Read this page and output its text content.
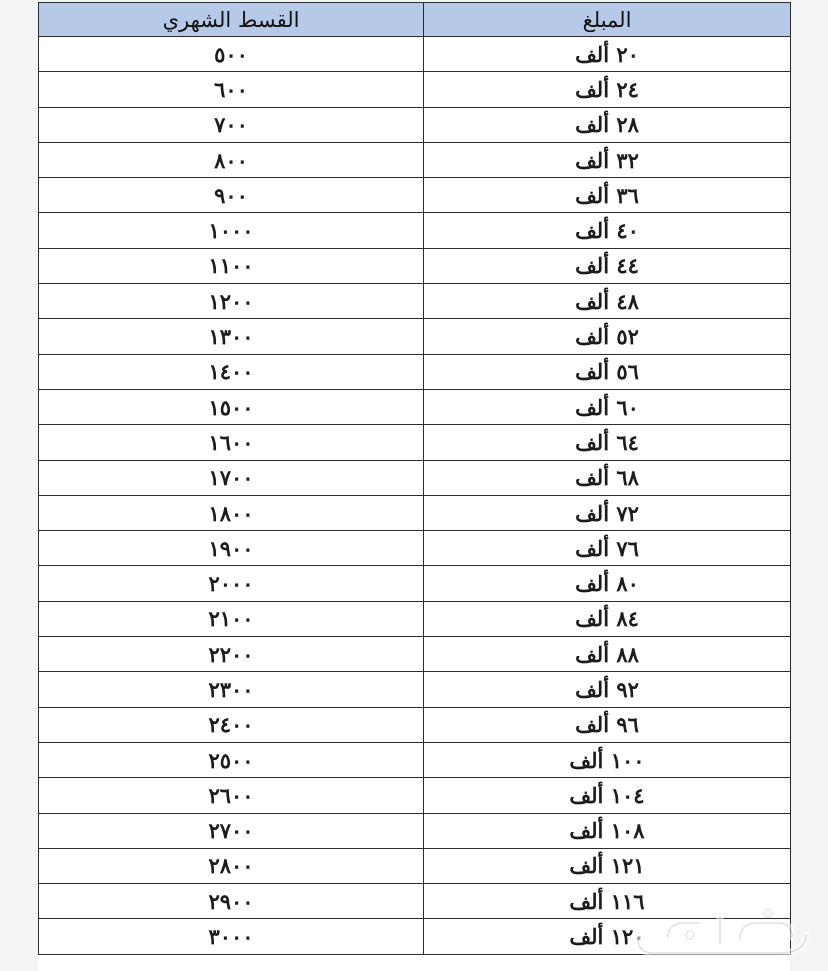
القسط الشهري	المبلغ
٥٠٠	٢٠ ألف
٦٠٠	٢٤ ألف
٧٠٠	٢٨ ألف
٨٠٠	٣٢ ألف
٩٠٠	٣٦ ألف
١٠٠٠	٤٠ ألف
١١٠٠	٤٤ ألف
١٢٠٠	٤٨ ألف
١٣٠٠	٥٢ ألف
١٤٠٠	٥٦ ألف
١٥٠٠	٦٠ ألف
١٦٠٠	٦٤ ألف
١٧٠٠	٦٨ ألف
١٨٠٠	٧٢ ألف
١٩٠٠	٧٦ ألف
٢٠٠٠	٨٠ ألف
٢١٠٠	٨٤ ألف
٢٢٠٠	٨٨ ألف
٢٣٠٠	٩٢ ألف
٢٤٠٠	٩٦ ألف
٢٥٠٠	١٠٠ ألف
٢٦٠٠	١٠٤ ألف
٢٧٠٠	١٠٨ ألف
٢٨٠٠	١٢١ ألف
٢٩٠٠	١١٦ ألف
٣٠٠٠	١٢٠ ألف
